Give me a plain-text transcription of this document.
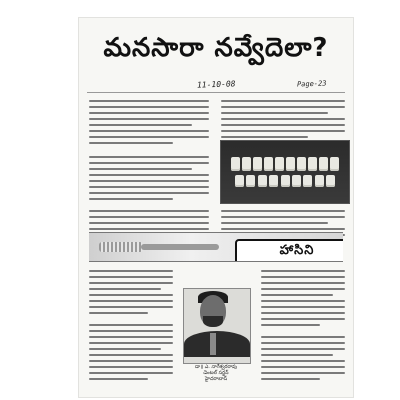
మనసారా నవ్వేదెలా?
11-10-08	Page-23
హాసిని
డా॥ ఎ. నాగేశ్వరరావు
డెంటల్ సర్జన్
హైదరాబాద్
